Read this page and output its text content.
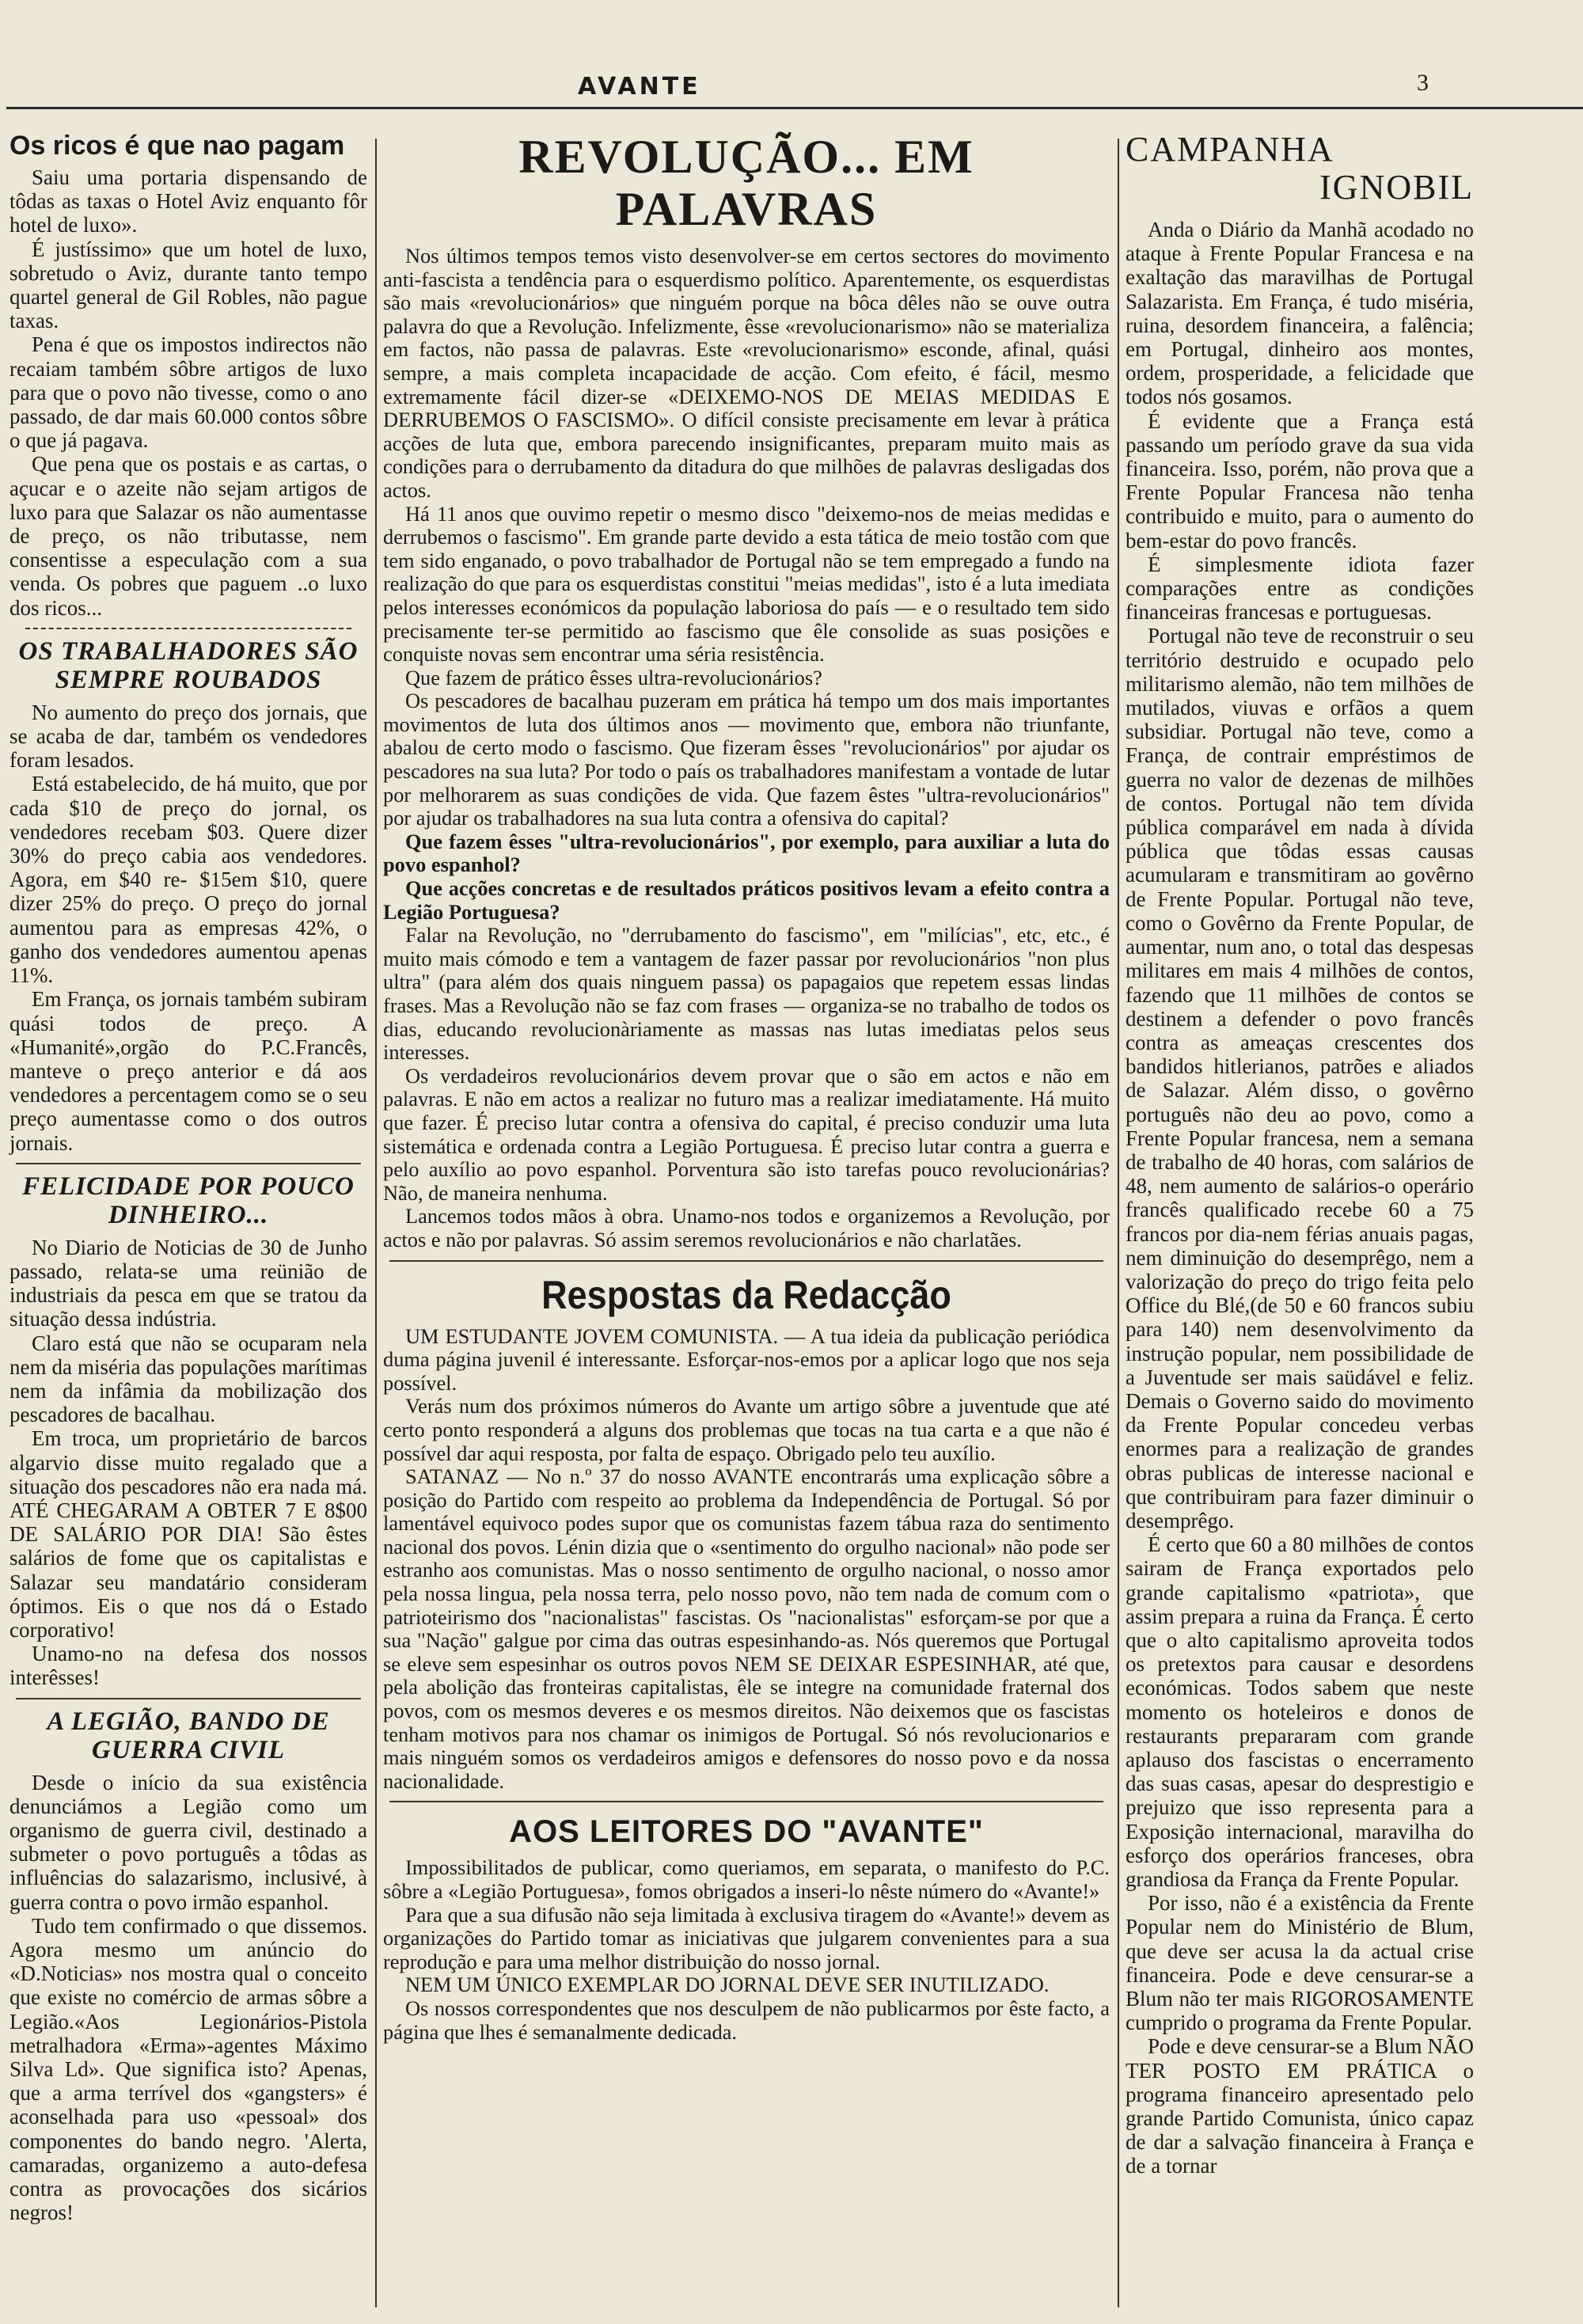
AVANTE	3
Os ricos é que nao pagam

Saiu uma portaria dispensando de tôdas as taxas o Hotel Aviz enquanto fôr hotel de luxo».

É justíssimo» que um hotel de luxo, sobretudo o Aviz, durante tanto tempo quartel general de Gil Robles, não pague taxas.

Pena é que os impostos indirectos não recaiam também sôbre artigos de luxo para que o povo não tivesse, como o ano passado, de dar mais 60.000 contos sôbre o que já pagava.

Que pena que os postais e as cartas, o açucar e o azeite não sejam artigos de luxo para que Salazar os não aumentasse de preço, os não tributasse, nem consentisse a especulação com a sua venda. Os pobres que paguem ..o luxo dos ricos...

OS TRABALHADORES SÃO SEMPRE ROUBADOS

No aumento do preço dos jornais, que se acaba de dar, também os vendedores foram lesados.

Está estabelecido, de há muito, que por cada $10 de preço do jornal, os vendedores recebam $03. Quere dizer 30% do preço cabia aos vendedores. Agora, em $40 re- $15em $10, quere dizer 25% do preço. O preço do jornal aumentou para as empresas 42%, o ganho dos vendedores aumentou apenas 11%.

Em França, os jornais também subiram quási todos de preço. A «Humanité»,orgão do P.C.Francês, manteve o preço anterior e dá aos vendedores a percentagem como se o seu preço aumentasse como o dos outros jornais.

FELICIDADE POR POUCO DINHEIRO...

No Diario de Noticias de 30 de Junho passado, relata-se uma reünião de industriais da pesca em que se tratou da situação dessa indústria.

Claro está que não se ocuparam nela nem da miséria das populações marítimas nem da infâmia da mobilização dos pescadores de bacalhau.

Em troca, um proprietário de barcos algarvio disse muito regalado que a situação dos pescadores não era nada má. ATÉ CHEGARAM A OBTER 7 E 8$00 DE SALÁRIO POR DIA! São êstes salários de fome que os capitalistas e Salazar seu mandatário consideram óptimos. Eis o que nos dá o Estado corporativo!

Unamo-no na defesa dos nossos interêsses!

A LEGIÃO, BANDO DE GUERRA CIVIL

Desde o início da sua existência denunciámos a Legião como um organismo de guerra civil, destinado a submeter o povo português a tôdas as influências do salazarismo, inclusivé, à guerra contra o povo irmão espanhol.

Tudo tem confirmado o que dissemos. Agora mesmo um anúncio do «D.Noticias» nos mostra qual o conceito que existe no comércio de armas sôbre a Legião.«Aos Legionários-Pistola metralhadora «Erma»-agentes Máximo Silva Ld». Que significa isto? Apenas, que a arma terrível dos «gangsters» é aconselhada para uso «pessoal» dos componentes do bando negro. 'Alerta, camaradas, organizemo a auto-defesa contra as provocações dos sicários negros!

REVOLUÇÃO... EM PALAVRAS

Nos últimos tempos temos visto desenvolver-se em certos sectores do movimento anti-fascista a tendência para o esquerdismo político. Aparentemente, os esquerdistas são mais «revolucionários» que ninguém porque na bôca dêles não se ouve outra palavra do que a Revolução. Infelizmente, êsse «revolucionarismo» não se materializa em factos, não passa de palavras. Este «revolucionarismo» esconde, afinal, quási sempre, a mais completa incapacidade de acção. Com efeito, é fácil, mesmo extremamente fácil dizer-se «DEIXEMO-NOS DE MEIAS MEDIDAS E DERRUBEMOS O FASCISMO». O difícil consiste precisamente em levar à prática acções de luta que, embora parecendo insignificantes, preparam muito mais as condições para o derrubamento da ditadura do que milhões de palavras desligadas dos actos.

Há 11 anos que ouvimo repetir o mesmo disco "deixemo-nos de meias medidas e derrubemos o fascismo". Em grande parte devido a esta tática de meio tostão com que tem sido enganado, o povo trabalhador de Portugal não se tem empregado a fundo na realização do que para os esquerdistas constitui "meias medidas", isto é a luta imediata pelos interesses económicos da população laboriosa do país — e o resultado tem sido precisamente ter-se permitido ao fascismo que êle consolide as suas posições e conquiste novas sem encontrar uma séria resistência.

Que fazem de prático êsses ultra-revolucionários?

Os pescadores de bacalhau puzeram em prática há tempo um dos mais importantes movimentos de luta dos últimos anos — movimento que, embora não triunfante, abalou de certo modo o fascismo. Que fizeram êsses "revolucionários" por ajudar os pescadores na sua luta? Por todo o país os trabalhadores manifestam a vontade de lutar por melhorarem as suas condições de vida. Que fazem êstes "ultra-revolucionários" por ajudar os trabalhadores na sua luta contra a ofensiva do capital?

Que fazem êsses "ultra-revolucionários", por exemplo, para auxiliar a luta do povo espanhol?

Que acções concretas e de resultados práticos positivos levam a efeito contra a Legião Portuguesa?

Falar na Revolução, no "derrubamento do fascismo", em "milícias", etc, etc., é muito mais cómodo e tem a vantagem de fazer passar por revolucionários "non plus ultra" (para além dos quais ninguem passa) os papagaios que repetem essas lindas frases. Mas a Revolução não se faz com frases — organiza-se no trabalho de todos os dias, educando revolucionàriamente as massas nas lutas imediatas pelos seus interesses.

Os verdadeiros revolucionários devem provar que o são em actos e não em palavras. E não em actos a realizar no futuro mas a realizar imediatamente. Há muito que fazer. É preciso lutar contra a ofensiva do capital, é preciso conduzir uma luta sistemática e ordenada contra a Legião Portuguesa. É preciso lutar contra a guerra e pelo auxílio ao povo espanhol. Porventura são isto tarefas pouco revolucionárias? Não, de maneira nenhuma.

Lancemos todos mãos à obra. Unamo-nos todos e organizemos a Revolução, por actos e não por palavras. Só assim seremos revolucionários e não charlatães.

Respostas da Redacção

UM ESTUDANTE JOVEM COMUNISTA. — A tua ideia da publicação periódica duma página juvenil é interessante. Esforçar-nos-emos por a aplicar logo que nos seja possível.

Verás num dos próximos números do Avante um artigo sôbre a juventude que até certo ponto responderá a alguns dos problemas que tocas na tua carta e a que não é possível dar aqui resposta, por falta de espaço. Obrigado pelo teu auxílio.

SATANAZ — No n.º 37 do nosso AVANTE encontrarás uma explicação sôbre a posição do Partido com respeito ao problema da Independência de Portugal. Só por lamentável equivoco podes supor que os comunistas fazem tábua raza do sentimento nacional dos povos. Lénin dizia que o «sentimento do orgulho nacional» não pode ser estranho aos comunistas. Mas o nosso sentimento de orgulho nacional, o nosso amor pela nossa lingua, pela nossa terra, pelo nosso povo, não tem nada de comum com o patrioteirismo dos "nacionalistas" fascistas. Os "nacionalistas" esforçam-se por que a sua "Nação" galgue por cima das outras espesinhando-as. Nós queremos que Portugal se eleve sem espesinhar os outros povos NEM SE DEIXAR ESPESINHAR, até que, pela abolição das fronteiras capitalistas, êle se integre na comunidade fraternal dos povos, com os mesmos deveres e os mesmos direitos. Não deixemos que os fascistas tenham motivos para nos chamar os inimigos de Portugal. Só nós revolucionarios e mais ninguém somos os verdadeiros amigos e defensores do nosso povo e da nossa nacionalidade.

AOS LEITORES DO "AVANTE"

Impossibilitados de publicar, como queriamos, em separata, o manifesto do P.C. sôbre a «Legião Portuguesa», fomos obrigados a inseri-lo nêste número do «Avante!»

Para que a sua difusão não seja limitada à exclusiva tiragem do «Avante!» devem as organizações do Partido tomar as iniciativas que julgarem convenientes para a sua reprodução e para uma melhor distribuição do nosso jornal.

NEM UM ÚNICO EXEMPLAR DO JORNAL DEVE SER INUTILIZADO.

Os nossos correspondentes que nos desculpem de não publicarmos por êste facto, a página que lhes é semanalmente dedicada.

CAMPANHA
IGNOBIL

Anda o Diário da Manhã acodado no ataque à Frente Popular Francesa e na exaltação das maravilhas de Portugal Salazarista. Em França, é tudo miséria, ruina, desordem financeira, a falência; em Portugal, dinheiro aos montes, ordem, prosperidade, a felicidade que todos nós gosamos.

É evidente que a França está passando um período grave da sua vida financeira. Isso, porém, não prova que a Frente Popular Francesa não tenha contribuido e muito, para o aumento do bem-estar do povo francês.

É simplesmente idiota fazer comparações entre as condições financeiras francesas e portuguesas.

Portugal não teve de reconstruir o seu território destruido e ocupado pelo militarismo alemão, não tem milhões de mutilados, viuvas e orfãos a quem subsidiar. Portugal não teve, como a França, de contrair empréstimos de guerra no valor de dezenas de milhões de contos. Portugal não tem dívida pública comparável em nada à dívida pública que tôdas essas causas acumularam e transmitiram ao govêrno de Frente Popular. Portugal não teve, como o Govêrno da Frente Popular, de aumentar, num ano, o total das despesas militares em mais 4 milhões de contos, fazendo que 11 milhões de contos se destinem a defender o povo francês contra as ameaças crescentes dos bandidos hitlerianos, patrões e aliados de Salazar. Além disso, o govêrno português não deu ao povo, como a Frente Popular francesa, nem a semana de trabalho de 40 horas, com salários de 48, nem aumento de salários-o operário francês qualificado recebe 60 a 75 francos por dia-nem férias anuais pagas, nem diminuição do desemprêgo, nem a valorização do preço do trigo feita pelo Office du Blé,(de 50 e 60 francos subiu para 140) nem desenvolvimento da instrução popular, nem possibilidade de a Juventude ser mais saüdável e feliz. Demais o Governo saido do movimento da Frente Popular concedeu verbas enormes para a realização de grandes obras publicas de interesse nacional e que contribuiram para fazer diminuir o desemprêgo.

É certo que 60 a 80 milhões de contos sairam de França exportados pelo grande capitalismo «patriota», que assim prepara a ruina da França. É certo que o alto capitalismo aproveita todos os pretextos para causar e desordens económicas. Todos sabem que neste momento os hoteleiros e donos de restaurants prepararam com grande aplauso dos fascistas o encerramento das suas casas, apesar do desprestigio e prejuizo que isso representa para a Exposição internacional, maravilha do esforço dos operários franceses, obra grandiosa da França da Frente Popular.

Por isso, não é a existência da Frente Popular nem do Ministério de Blum, que deve ser acusa la da actual crise financeira. Pode e deve censurar-se a Blum não ter mais RIGOROSAMENTE cumprido o programa da Frente Popular.

Pode e deve censurar-se a Blum NÃO TER POSTO EM PRÁTICA o programa financeiro apresentado pelo grande Partido Comunista, único capaz de dar a salvação financeira à França e de a tornar
